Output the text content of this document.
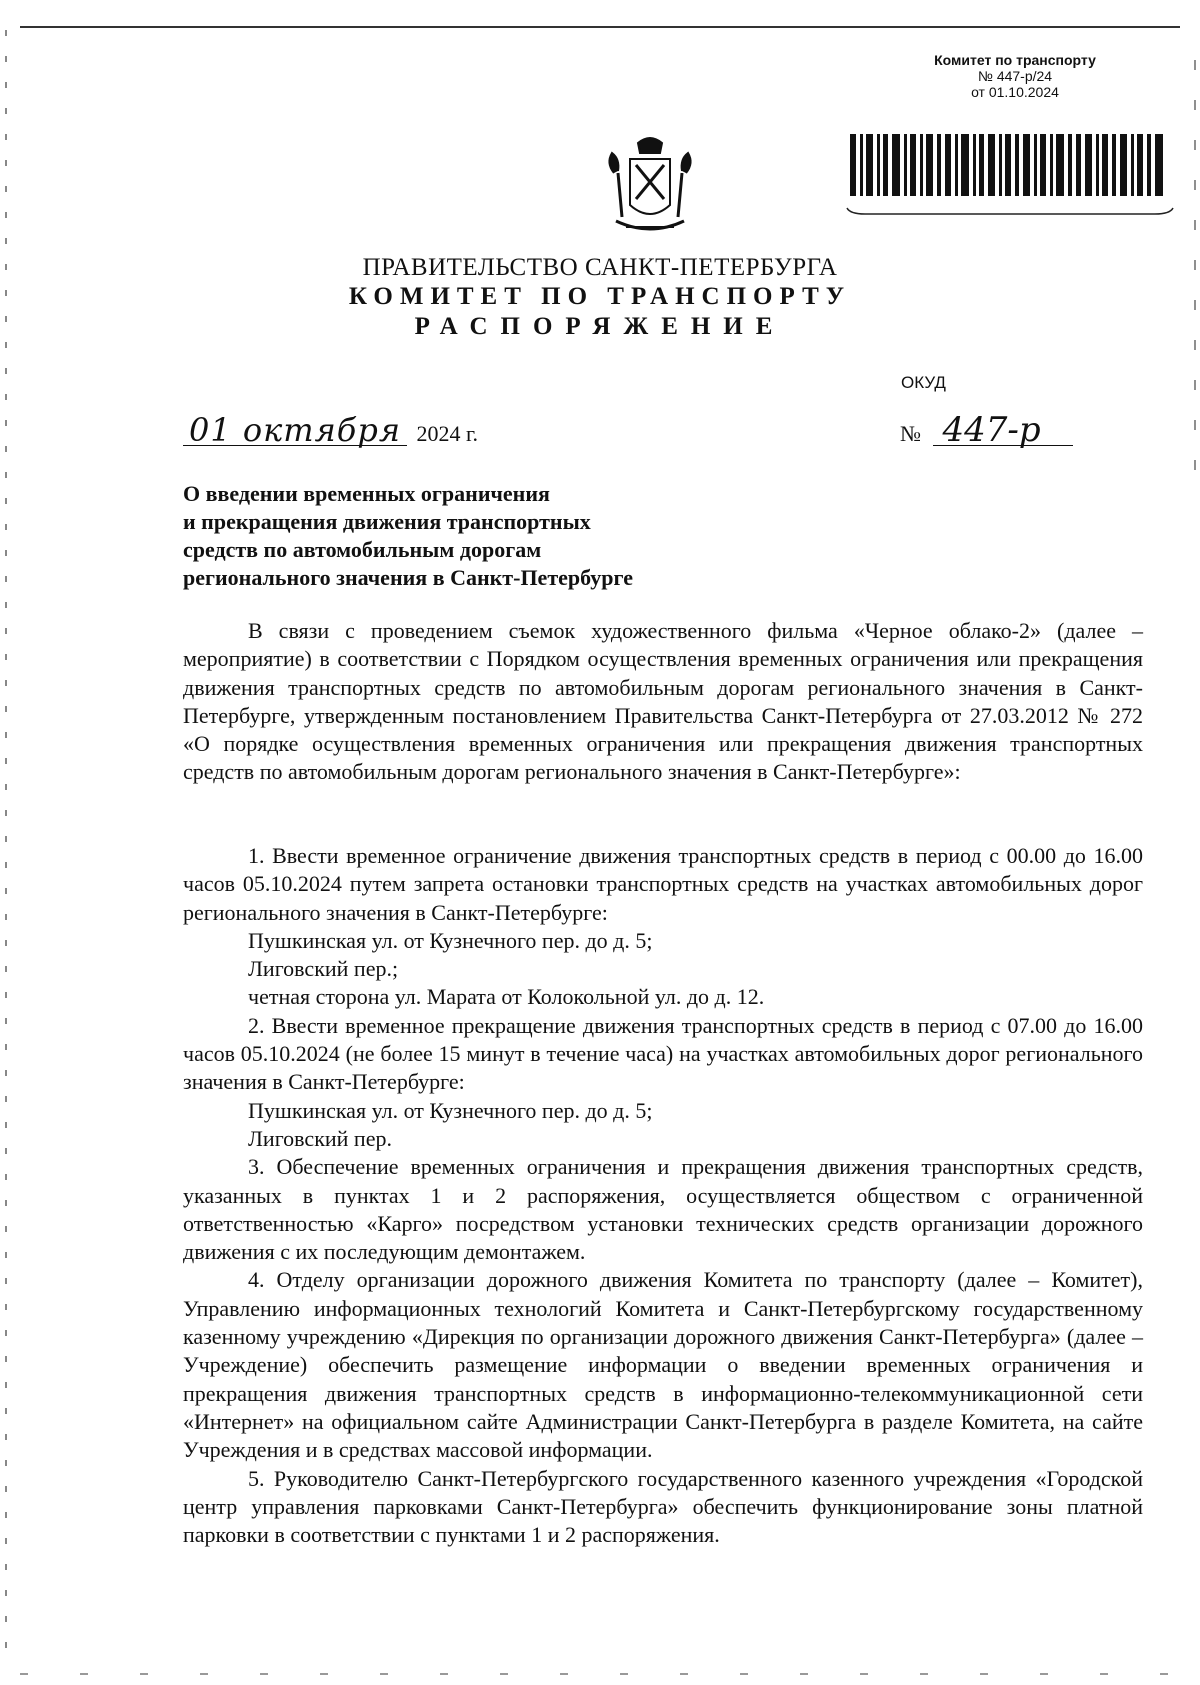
Комитет по транспорту
№ 447-р/24
от 01.10.2024
ПРАВИТЕЛЬСТВО САНКТ-ПЕТЕРБУРГА
КОМИТЕТ ПО ТРАНСПОРТУ
РАСПОРЯЖЕНИЕ
ОКУД
01 октября 2024 г.	№ 447-р
О введении временных ограничения
и прекращения движения транспортных
средств по автомобильным дорогам
регионального значения в Санкт-Петербурге

В связи с проведением съемок художественного фильма «Черное облако-2» (далее – мероприятие) в соответствии с Порядком осуществления временных ограничения или прекращения движения транспортных средств по автомобильным дорогам регионального значения в Санкт-Петербурге, утвержденным постановлением Правительства Санкт-Петербурга от 27.03.2012 № 272 «О порядке осуществления временных ограничения или прекращения движения транспортных средств по автомобильным дорогам регионального значения в Санкт-Петербурге»:

1. Ввести временное ограничение движения транспортных средств в период с 00.00 до 16.00 часов 05.10.2024 путем запрета остановки транспортных средств на участках автомобильных дорог регионального значения в Санкт-Петербурге:

Пушкинская ул. от Кузнечного пер. до д. 5;

Лиговский пер.;

четная сторона ул. Марата от Колокольной ул. до д. 12.

2. Ввести временное прекращение движения транспортных средств в период с 07.00 до 16.00 часов 05.10.2024 (не более 15 минут в течение часа) на участках автомобильных дорог регионального значения в Санкт-Петербурге:

Пушкинская ул. от Кузнечного пер. до д. 5;

Лиговский пер.

3. Обеспечение временных ограничения и прекращения движения транспортных средств, указанных в пунктах 1 и 2 распоряжения, осуществляется обществом с ограниченной ответственностью «Карго» посредством установки технических средств организации дорожного движения с их последующим демонтажем.

4. Отделу организации дорожного движения Комитета по транспорту (далее – Комитет), Управлению информационных технологий Комитета и Санкт-Петербургскому государственному казенному учреждению «Дирекция по организации дорожного движения Санкт-Петербурга» (далее – Учреждение) обеспечить размещение информации о введении временных ограничения и прекращения движения транспортных средств в информационно-телекоммуникационной сети «Интернет» на официальном сайте Администрации Санкт-Петербурга в разделе Комитета, на сайте Учреждения и в средствах массовой информации.

5. Руководителю Санкт-Петербургского государственного казенного учреждения «Городской центр управления парковками Санкт-Петербурга» обеспечить функционирование зоны платной парковки в соответствии с пунктами 1 и 2 распоряжения.
